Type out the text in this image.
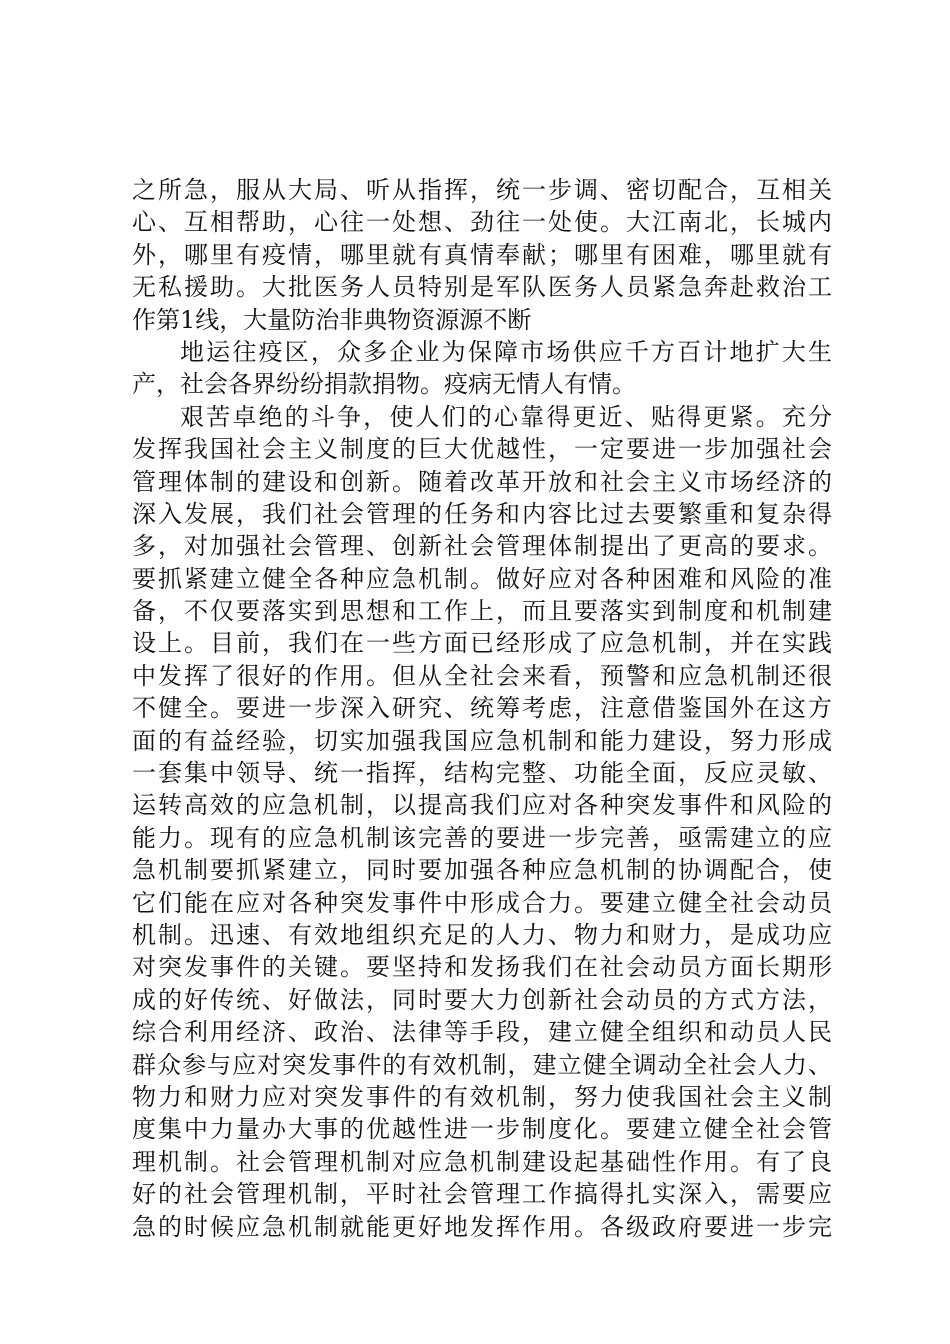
之所急，服从大局、听从指挥，统一步调、密切配合，互相关
心、互相帮助，心往一处想、劲往一处使。大江南北，长城内
外，哪里有疫情，哪里就有真情奉献；哪里有困难，哪里就有
无私援助。大批医务人员特别是军队医务人员紧急奔赴救治工
作第1线，大量防治非典物资源源不断
地运往疫区，众多企业为保障市场供应千方百计地扩大生
产，社会各界纷纷捐款捐物。疫病无情人有情。
艰苦卓绝的斗争，使人们的心靠得更近、贴得更紧。充分
发挥我国社会主义制度的巨大优越性，一定要进一步加强社会
管理体制的建设和创新。随着改革开放和社会主义市场经济的
深入发展，我们社会管理的任务和内容比过去要繁重和复杂得
多，对加强社会管理、创新社会管理体制提出了更高的要求。
要抓紧建立健全各种应急机制。做好应对各种困难和风险的准
备，不仅要落实到思想和工作上，而且要落实到制度和机制建
设上。目前，我们在一些方面已经形成了应急机制，并在实践
中发挥了很好的作用。但从全社会来看，预警和应急机制还很
不健全。要进一步深入研究、统筹考虑，注意借鉴国外在这方
面的有益经验，切实加强我国应急机制和能力建设，努力形成
一套集中领导、统一指挥，结构完整、功能全面，反应灵敏、
运转高效的应急机制，以提高我们应对各种突发事件和风险的
能力。现有的应急机制该完善的要进一步完善，亟需建立的应
急机制要抓紧建立，同时要加强各种应急机制的协调配合，使
它们能在应对各种突发事件中形成合力。要建立健全社会动员
机制。迅速、有效地组织充足的人力、物力和财力，是成功应
对突发事件的关键。要坚持和发扬我们在社会动员方面长期形
成的好传统、好做法，同时要大力创新社会动员的方式方法，
综合利用经济、政治、法律等手段，建立健全组织和动员人民
群众参与应对突发事件的有效机制，建立健全调动全社会人力、
物力和财力应对突发事件的有效机制，努力使我国社会主义制
度集中力量办大事的优越性进一步制度化。要建立健全社会管
理机制。社会管理机制对应急机制建设起基础性作用。有了良
好的社会管理机制，平时社会管理工作搞得扎实深入，需要应
急的时候应急机制就能更好地发挥作用。各级政府要进一步完
